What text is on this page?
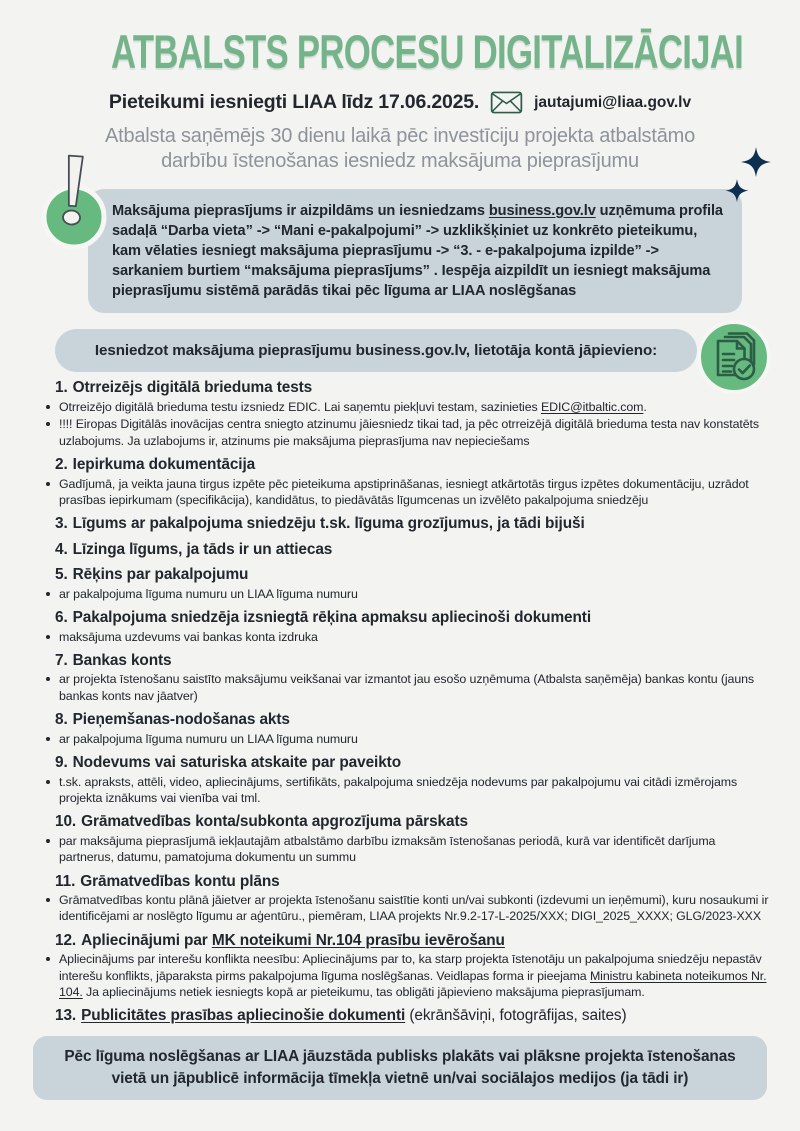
ATBALSTS PROCESU DIGITALIZĀCIJAI
Pieteikumi iesniegti LIAA līdz 17.06.2025.	jautajumi@liaa.gov.lv
Atbalsta saņēmējs 30 dienu laikā pēc investīciju projekta atbalstāmo darbību īstenošanas iesniedz maksājuma pieprasījumu
Maksājuma pieprasījums ir aizpildāms un iesniedzams business.gov.lv uzņēmuma profila sadaļā “Darba vieta” -> “Mani e-pakalpojumi” -> uzklikšķiniet uz konkrēto pieteikumu, kam vēlaties iesniegt maksājuma pieprasījumu -> “3. - e-pakalpojuma izpilde” -> sarkaniem burtiem “maksājuma pieprasījums” . Iespēja aizpildīt un iesniegt maksājuma pieprasījumu sistēmā parādās tikai pēc līguma ar LIAA noslēgšanas
Iesniedzot maksājuma pieprasījumu business.gov.lv, lietotāja kontā jāpievieno:
1. Otrreizējs digitālā brieduma tests
Otrreizējo digitālā brieduma testu izsniedz EDIC. Lai saņemtu piekļuvi testam, sazinieties EDIC@itbaltic.com.
!!!! Eiropas Digitālās inovācijas centra sniegto atzinumu jāiesniedz tikai tad, ja pēc otrreizējā digitālā brieduma testa nav konstatēts uzlabojums. Ja uzlabojums ir, atzinums pie maksājuma pieprasījuma nav nepieciešams
2. Iepirkuma dokumentācija
Gadījumā, ja veikta jauna tirgus izpēte pēc pieteikuma apstiprināšanas, iesniegt atkārtotās tirgus izpētes dokumentāciju, uzrādot prasības iepirkumam (specifikācija), kandidātus, to piedāvātās līgumcenas un izvēlēto pakalpojuma sniedzēju
3. Līgums ar pakalpojuma sniedzēju t.sk. līguma grozījumus, ja tādi bijuši
4. Līzinga līgums, ja tāds ir un attiecas
5. Rēķins par pakalpojumu
ar pakalpojuma līguma numuru un LIAA līguma numuru
6. Pakalpojuma sniedzēja izsniegtā rēķina apmaksu apliecinoši dokumenti
maksājuma uzdevums vai bankas konta izdruka
7. Bankas konts
ar projekta īstenošanu saistīto maksājumu veikšanai var izmantot jau esošo uzņēmuma (Atbalsta saņēmēja) bankas kontu (jauns bankas konts nav jāatver)
8. Pieņemšanas-nodošanas akts
ar pakalpojuma līguma numuru un LIAA līguma numuru
9. Nodevums vai saturiska atskaite par paveikto
t.sk. apraksts, attēli, video, apliecinājums, sertifikāts, pakalpojuma sniedzēja nodevums par pakalpojumu vai citādi izmērojams projekta iznākums vai vienība vai tml.
10. Grāmatvedības konta/subkonta apgrozījuma pārskats
par maksājuma pieprasījumā iekļautajām atbalstāmo darbību izmaksām īstenošanas periodā, kurā var identificēt darījuma partnerus, datumu, pamatojuma dokumentu un summu
11. Grāmatvedības kontu plāns
Grāmatvedības kontu plānā jāietver ar projekta īstenošanu saistītie konti un/vai subkonti (izdevumi un ieņēmumi), kuru nosaukumi ir identificējami ar noslēgto līgumu ar aģentūru., piemēram, LIAA projekts Nr.9.2-17-L-2025/XXX; DIGI_2025_XXXX; GLG/2023-XXX
12. Apliecinājumi par MK noteikumi Nr.104 prasību ievērošanu
Apliecinājums par interešu konflikta neesību: Apliecinājums par to, ka starp projekta īstenotāju un pakalpojuma sniedzēju nepastāv interešu konflikts, jāparaksta pirms pakalpojuma līguma noslēgšanas. Veidlapas forma ir pieejama Ministru kabineta noteikumos Nr. 104. Ja apliecinājums netiek iesniegts kopā ar pieteikumu, tas obligāti jāpievieno maksājuma pieprasījumam.
13. Publicitātes prasības apliecinošie dokumenti (ekrānšāviņi, fotogrāfijas, saites)
Pēc līguma noslēgšanas ar LIAA jāuzstāda publisks plakāts vai plāksne projekta īstenošanas vietā un jāpublicē informācija tīmekļa vietnē un/vai sociālajos medijos (ja tādi ir)
